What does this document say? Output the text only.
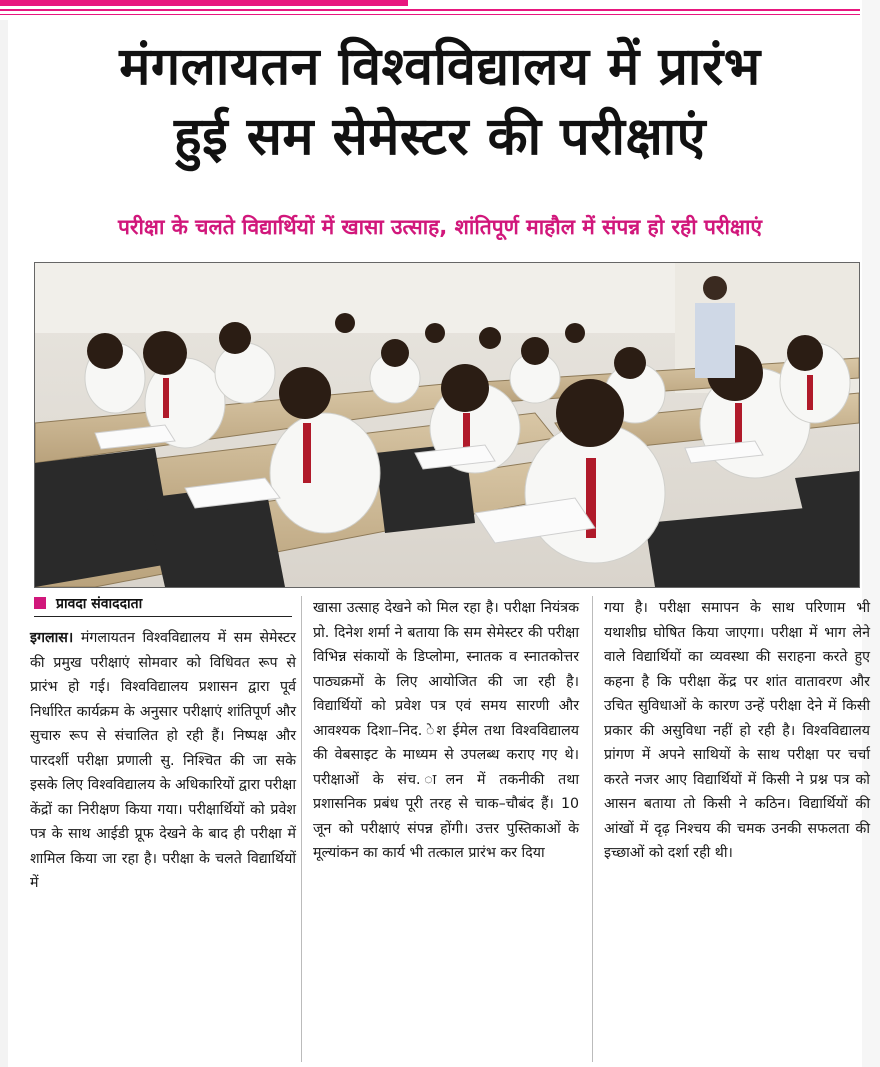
मंगलायतन विश्वविद्यालय में प्रारंभ
हुई सम सेमेस्टर की परीक्षाएं
परीक्षा के चलते विद्यार्थियों में खासा उत्साह, शांतिपूर्ण माहौल में संपन्न हो रही परीक्षाएं
प्रावदा संवाददाता

इगलास। मंगलायतन विश्वविद्यालय में सम सेमेस्टर की प्रमुख परीक्षाएं सोमवार को विधिवत रूप से प्रारंभ हो गई। विश्वविद्यालय प्रशासन द्वारा पूर्व निर्धारित कार्यक्रम के अनुसार परीक्षाएं शांतिपूर्ण और सुचारु रूप से संचालित हो रही हैं। निष्पक्ष और पारदर्शी परीक्षा प्रणाली सु. निश्चित की जा सके इसके लिए विश्वविद्यालय के अधिकारियों द्वारा परीक्षा केंद्रों का निरीक्षण किया गया। परीक्षार्थियों को प्रवेश पत्र के साथ आईडी प्रूफ देखने के बाद ही परीक्षा में शामिल किया जा रहा है। परीक्षा के चलते विद्यार्थियों में

खासा उत्साह देखने को मिल रहा है। परीक्षा नियंत्रक प्रो. दिनेश शर्मा ने बताया कि सम सेमेस्टर की परीक्षा विभिन्न संकायों के डिप्लोमा, स्नातक व स्नातकोत्तर पाठ्यक्रमों के लिए आयोजित की जा रही है। विद्यार्थियों को प्रवेश पत्र एवं समय सारणी और आवश्यक दिशा–निद. ेश ईमेल तथा विश्वविद्यालय की वेबसाइट के माध्यम से उपलब्ध कराए गए थे। परीक्षाओं के संच. ालन में तकनीकी तथा प्रशासनिक प्रबंध पूरी तरह से चाक–चौबंद हैं। 10 जून को परीक्षाएं संपन्न होंगी। उत्तर पुस्तिकाओं के मूल्यांकन का कार्य भी तत्काल प्रारंभ कर दिया

गया है। परीक्षा समापन के साथ परिणाम भी यथाशीघ्र घोषित किया जाएगा। परीक्षा में भाग लेने वाले विद्यार्थियों का व्यवस्था की सराहना करते हुए कहना है कि परीक्षा केंद्र पर शांत वातावरण और उचित सुविधाओं के कारण उन्हें परीक्षा देने में किसी प्रकार की असुविधा नहीं हो रही है। विश्वविद्यालय प्रांगण में अपने साथियों के साथ परीक्षा पर चर्चा करते नजर आए विद्यार्थियों में किसी ने प्रश्न पत्र को आसन बताया तो किसी ने कठिन। विद्यार्थियों की आंखों में दृढ़ निश्चय की चमक उनकी सफलता की इच्छाओं को दर्शा रही थी।
